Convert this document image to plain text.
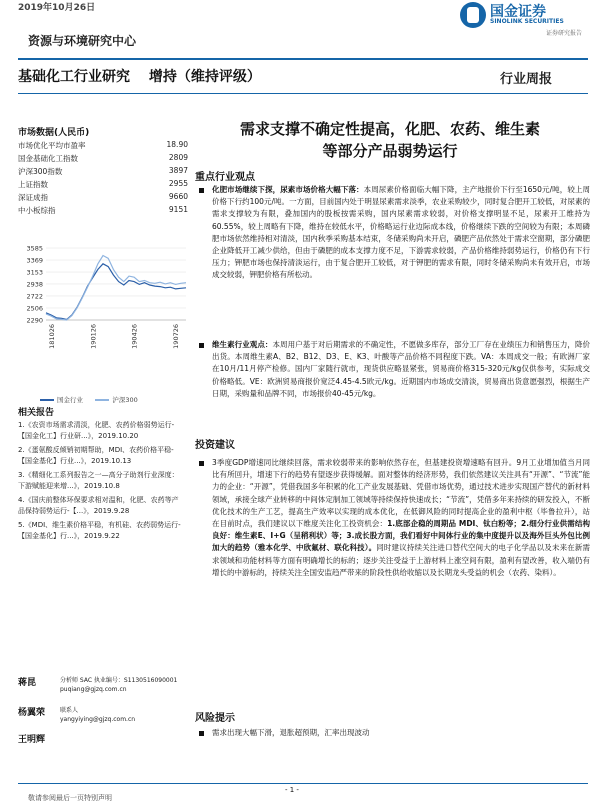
2019年10月26日	国金证券
SINOLINK SECURITIES
证券研究报告
资源与环境研究中心
基础化工行业研究 增持（维持评级）	行业周报
市场数据(人民币)
市场优化平均市盈率	18.90
国金基础化工指数	2809
沪深300指数	3897
上证指数	2955
深证成指	9660
中小板综指	9151
3585
3369
3153
2938
2722
2506
2290
181026	190126	190426	190726
国金行业	沪深300
相关报告
1.《农资市场需求清淡，化肥、农药价格弱势运行-【国金化工】行业研...》，2019.10.20
2.《蛋氨酸反倾销初期帮助，MDI、农药价格平稳-【国金基化】行业...》，2019.10.13
3.《精细化工系列报告之一—高分子助剂行业深度：下游赋能迎来增...》，2019.10.8
4.《国庆前整体环保要求相对温和，化肥、农药等产品保持弱势运行-【...》，2019.9.28
5.《MDI、维生素价格平稳，有机硅、农药弱势运行-【国金基化】行...》，2019.9.22
蒋昆	分析师 SAC 执业编号：S1130516090001
puqiang@gjzq.com.cn
杨翼荣 联系人
yangyiying@gjzq.com.cn
王明辉
需求支撑不确定性提高，化肥、农药、维生素
等部分产品弱势运行
重点行业观点
化肥市场继续下探，尿素市场价格大幅下落：本周尿素价格面临大幅下降，主产地报价下行至1650元/吨，较上周价格下行约100元/吨。一方面，目前国内处于明显尿素需求淡季，农业采购较少，同时复合肥开工较低，对尿素的需求支撑较为有限，叠加国内的股板按需采购，国内尿素需求较弱，对价格支撑明显不足，尿素开工维持为60.55%，较上周略有下降，维持在较低水平，价格略运行业边际成本线，价格继续下跌的空间较为有限；本周磷肥市场依然维持相对清淡，国内秋季采购基本结束，冬储采购尚未开启，磷肥产品依然处于需求空窗期，部分磷肥企业降低开工减少供给，但由于磷肥的成本支撑力度不足，下游需求较弱，产品价格维持弱势运行，价格仍有下行压力；钾肥市场也保持清淡运行，由于复合肥开工较低，对于钾肥的需求有限，同时冬储采购尚未有效开启，市场成交较弱，钾肥价格有所松动。
维生素行业观点：本周用户基于对后期需求的不确定性，不愿做多库存，部分工厂存在业绩压力和销售压力，降价出货。本周维生素A、B2、B12、D3、E、K3、叶酸等产品价格不同程度下跌。VA：本周成交一般；有欧洲厂家在10月/11月停产检修。国内厂家随行就市，现货供应略显紧张，贸易商价格315-320元/kg仅供参考，实际成交价格略低。VE：欧洲贸易商报价宽泛4.45-4.5欧元/kg。近期国内市场成交清淡，贸易商出货意愿强烈，根据生产日期，采购量和品牌不同，市场报价40-45元/kg。
投资建议
3季度GDP增速同比继续回落，需求较弱带来的影响依然存在，但基建投资增速略有回升。9月工业增加值当月同比有所回升，增速下行的趋势有望逐步获得缓解。面对整体的经济形势，我们依然建议关注具有“开源”、“节流”能力的企业：“开源”，凭借我国多年积累的化工产业发展基础、凭借市场优势，通过技术进步实现国产替代的新材料领域，承接全球产业转移的中间体定制加工领域等持续保持快速成长；“节流”，凭借多年来持续的研发投入，不断优化技术的生产工艺，提高生产效率以实现的成本优化，在低御风险的同时提高企业的盈利中枢（毕鲁拉升），站在目前时点，我们建议以下维度关注化工投资机会：1.底部企稳的周期品 MDI、钛白粉等；2.细分行业供需结构良好：维生素E、I+G（呈稍利状）等；3.成长股方面，我们看好中间体行业的集中度提升以及海外巨头外包比例加大的趋势（雅本化学、中欣氟材、联化科技）。同时建议持续关注进口替代空间大的电子化学品以及未来在新需求领域和功能材料等方面有明确增长的标的；逐步关注受益于上游材料上涨空间有限，盈利有望改善，收入端仍有增长的中游标的，持续关注全国安监趋严带来的阶段性供给收缩以及长期龙头受益的机会（农药、染料）。
风险提示
需求出现大幅下滑，退胀超预期，汇率出现波动
- 1 -
敬请参阅最后一页特别声明
